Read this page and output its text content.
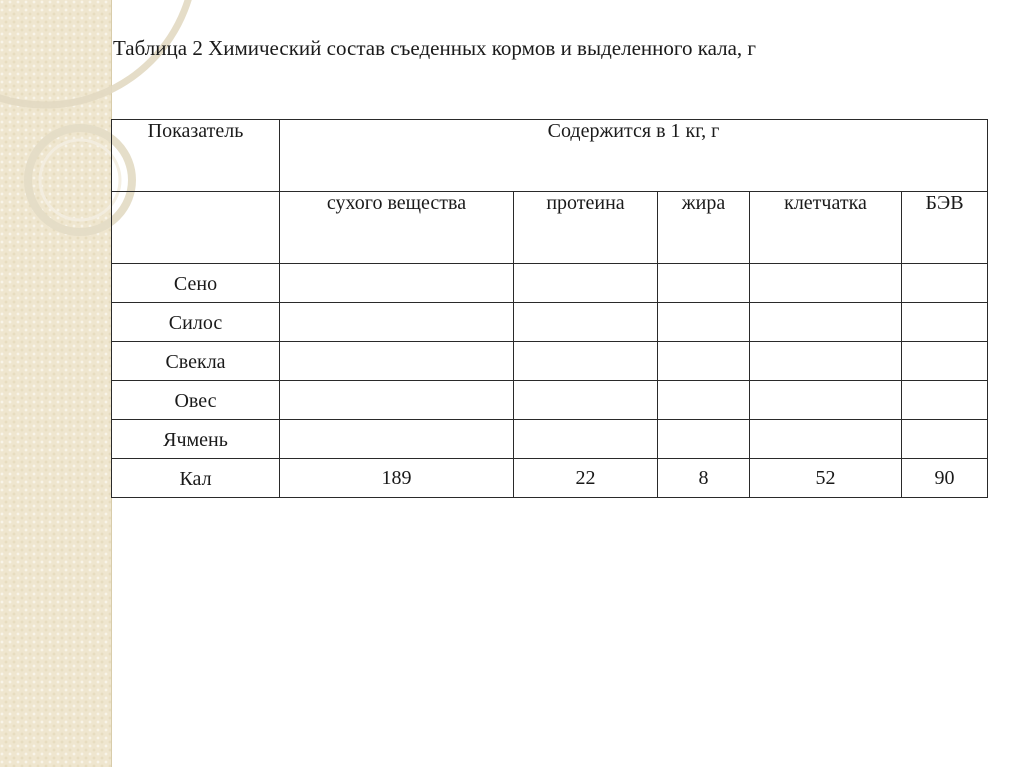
Таблица 2 Химический состав съеденных кормов и выделенного кала, г
Показатель	Содержится в 1 кг, г				
	сухого вещества	протеина	жира	клетчатка	БЭВ
Сено					
Силос					
Свекла					
Овес					
Ячмень					
Кал	189	22	8	52	90
